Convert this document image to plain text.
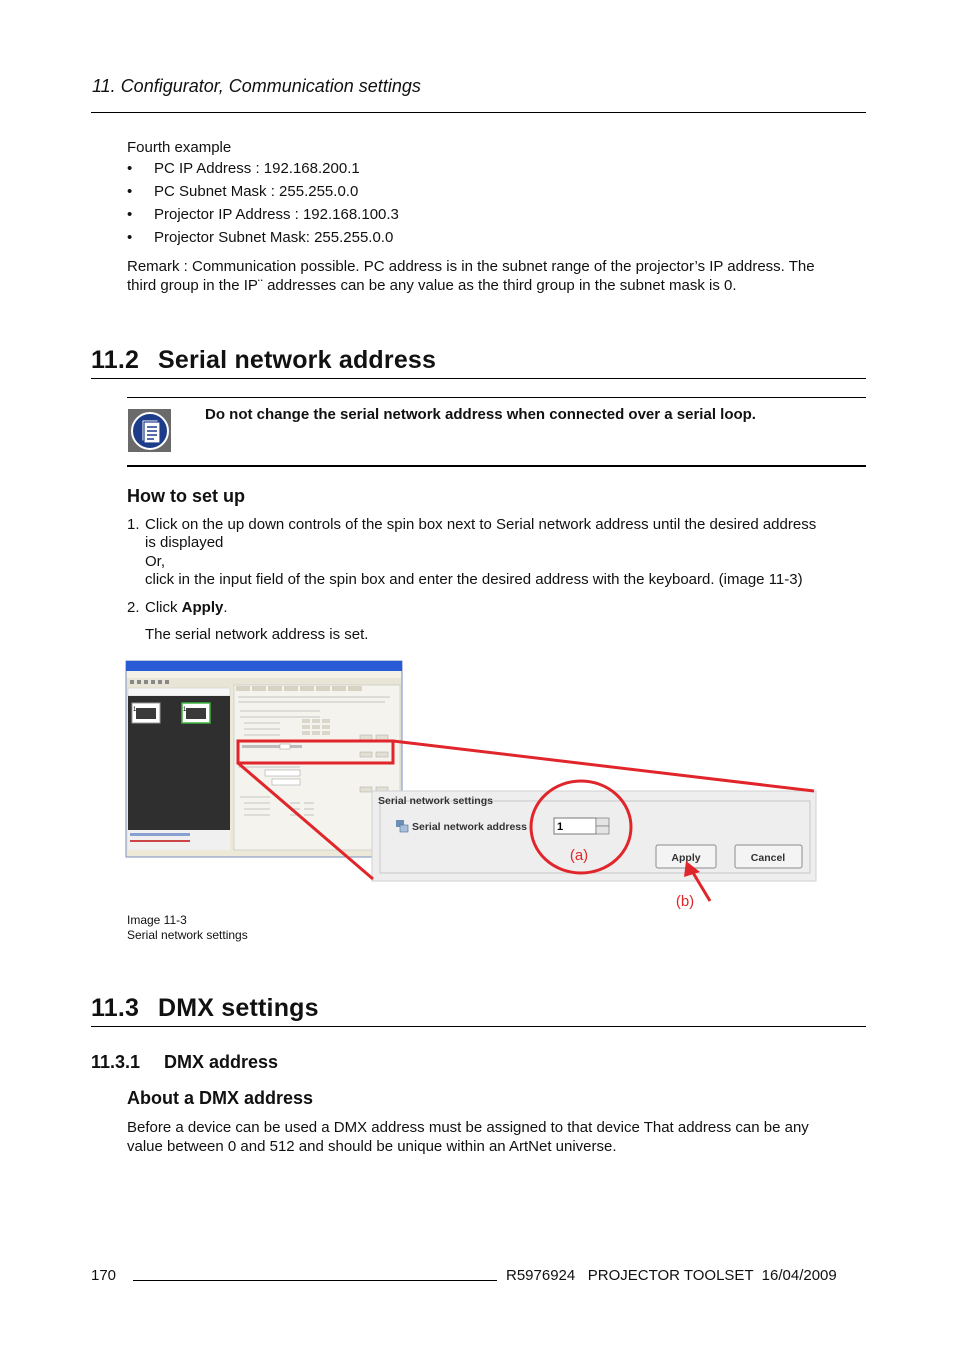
11. Configurator, Communication settings
Fourth example
• PC IP Address : 192.168.200.1
• PC Subnet Mask : 255.255.0.0
• Projector IP Address : 192.168.100.3
• Projector Subnet Mask: 255.255.0.0
Remark : Communication possible. PC address is in the subnet range of the projector’s IP address. The
third group in the IP¨ addresses can be any value as the third group in the subnet mask is 0.
11.2 Serial network address
Do not change the serial network address when connected over a serial loop.
How to set up
1. Click on the up down controls of the spin box next to Serial network address until the desired address
is displayed
Or,
click in the input field of the spin box and enter the desired address with the keyboard. (image 11-3)
2. Click Apply.
The serial network address is set.
1	1
Serial network settings
Serial network address	1
Apply	Cancel
(a)
(b)
Image 11-3
Serial network settings
11.3 DMX settings
11.3.1 DMX address
About a DMX address
Before a device can be used a DMX address must be assigned to that device That address can be any
value between 0 and 512 and should be unique within an ArtNet universe.
170	R5976924   PROJECTOR TOOLSET  16/04/2009
